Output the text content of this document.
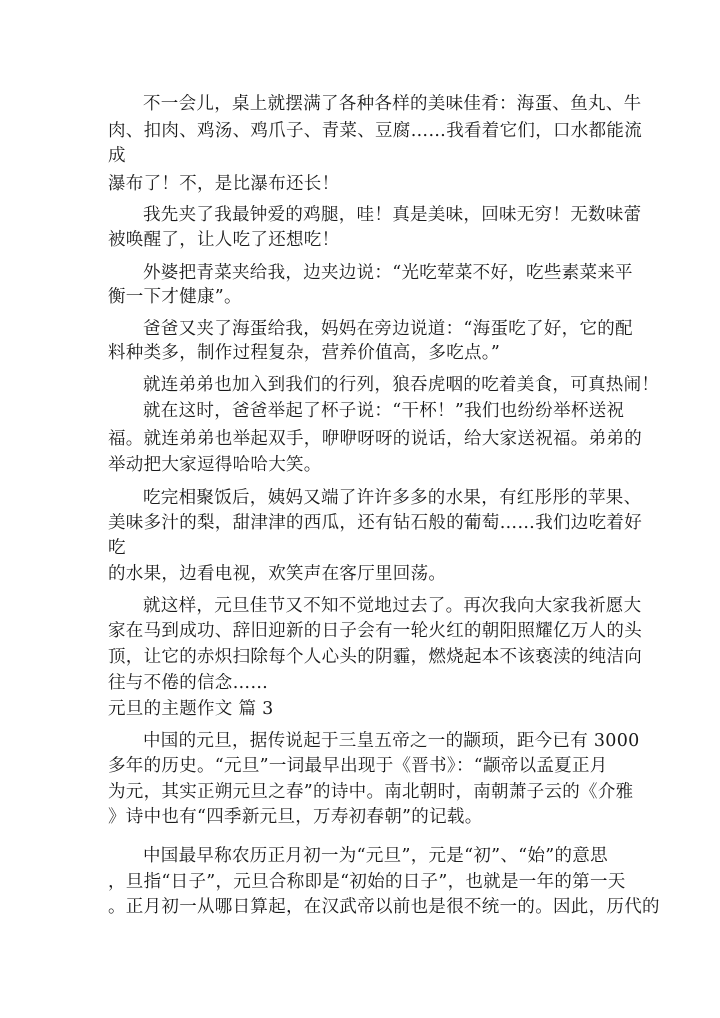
不一会儿，桌上就摆满了各种各样的美味佳肴：海蛋、鱼丸、牛
肉、扣肉、鸡汤、鸡爪子、青菜、豆腐……我看着它们，口水都能流
成
瀑布了！不，是比瀑布还长！
我先夹了我最钟爱的鸡腿，哇！真是美味，回味无穷！无数味蕾
被唤醒了，让人吃了还想吃！
外婆把青菜夹给我，边夹边说：“光吃荤菜不好，吃些素菜来平
衡一下才健康”。
爸爸又夹了海蛋给我，妈妈在旁边说道：“海蛋吃了好，它的配
料种类多，制作过程复杂，营养价值高，多吃点。”
就连弟弟也加入到我们的行列，狼吞虎咽的吃着美食，可真热闹！
就在这时，爸爸举起了杯子说：“干杯！”我们也纷纷举杯送祝
福。就连弟弟也举起双手，咿咿呀呀的说话，给大家送祝福。弟弟的
举动把大家逗得哈哈大笑。
吃完相聚饭后，姨妈又端了许许多多的水果，有红彤彤的苹果、
美味多汁的梨，甜津津的西瓜，还有钻石般的葡萄……我们边吃着好
吃
的水果，边看电视，欢笑声在客厅里回荡。
就这样，元旦佳节又不知不觉地过去了。再次我向大家我祈愿大
家在马到成功、辞旧迎新的日子会有一轮火红的朝阳照耀亿万人的头
顶，让它的赤炽扫除每个人心头的阴霾，燃烧起本不该亵渎的纯洁向
往与不倦的信念……
元旦的主题作文 篇 3
中国的元旦，据传说起于三皇五帝之一的颛顼，距今已有 3000
多年的历史。“元旦”一词最早出现于《晋书》：“颛帝以孟夏正月
为元，其实正朔元旦之春”的诗中。南北朝时，南朝萧子云的《介雅
》诗中也有“四季新元旦，万寿初春朝”的记载。
中国最早称农历正月初一为“元旦”，元是“初”、“始”的意思
，旦指“日子”，元旦合称即是“初始的日子”，也就是一年的第一天
。正月初一从哪日算起，在汉武帝以前也是很不统一的。因此，历代的
